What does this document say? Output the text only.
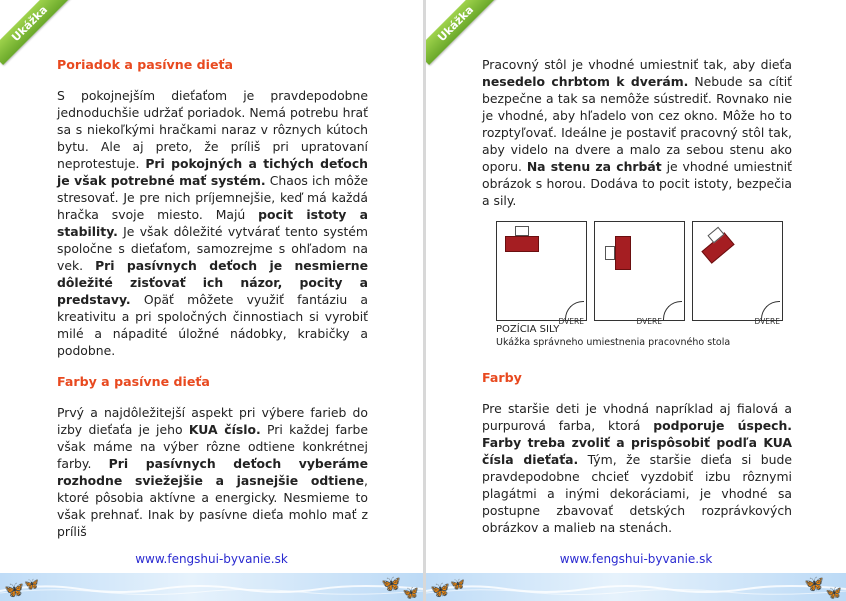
Ukážka
Poriadok a pasívne dieťa

S pokojnejším dieťaťom je pravdepodobne jednoduchšie udržať poriadok. Nemá potrebu hrať sa s niekoľkými hračkami naraz v rôznych kútoch bytu. Ale aj preto, že príliš pri upratovaní neprotestuje. Pri pokojných a tichých deťoch je však potrebné mať systém. Chaos ich môže stresovať. Je pre nich príjemnejšie, keď má každá hračka svoje miesto. Majú pocit istoty a stability. Je však dôležité vytvárať tento systém spoločne s dieťaťom, samozrejme s ohľadom na vek. Pri pasívnych deťoch je nesmierne dôležité zisťovať ich názor, pocity a predstavy. Opäť môžete využiť fantáziu a kreativitu a pri spoločných činnostiach si vyrobiť milé a nápadité úložné nádobky, krabičky a podobne.

Farby a pasívne dieťa

Prvý a najdôležitejší aspekt pri výbere farieb do izby dieťaťa je jeho KUA číslo. Pri každej farbe však máme na výber rôzne odtiene konkrétnej farby. Pri pasívnych deťoch vyberáme rozhodne sviežejšie a jasnejšie odtiene, ktoré pôsobia aktívne a energicky. Nesmieme to však prehnať. Inak by pasívne dieťa mohlo mať z príliš

www.fengshui-byvanie.sk
🦋 🦋	🦋
🦋
Ukážka

Pracovný stôl je vhodné umiestniť tak, aby dieťa nesedelo chrbtom k dverám. Nebude sa cítiť bezpečne a tak sa nemôže sústrediť. Rovnako nie je vhodné, aby hľadelo von cez okno. Môže ho to rozptyľovať. Ideálne je postaviť pracovný stôl tak, aby videlo na dvere a malo za sebou stenu ako oporu. Na stenu za chrbát je vhodné umiestniť obrázok s horou. Dodáva to pocit istoty, bezpečia a sily.

DVERE	DVERE	DVERE
POZÍCIA SILY
Ukážka správneho umiestnenia pracovného stola
Farby

Pre staršie deti je vhodná napríklad aj fialová a purpurová farba, ktorá podporuje úspech. Farby treba zvoliť a prispôsobiť podľa KUA čísla dieťaťa. Tým, že staršie dieťa si bude pravdepodobne chcieť vyzdobiť izbu rôznymi plagátmi a inými dekoráciami, je vhodné sa postupne zbavovať detských rozprávkových obrázkov a malieb na stenách.

www.fengshui-byvanie.sk
🦋 🦋	🦋
🦋
